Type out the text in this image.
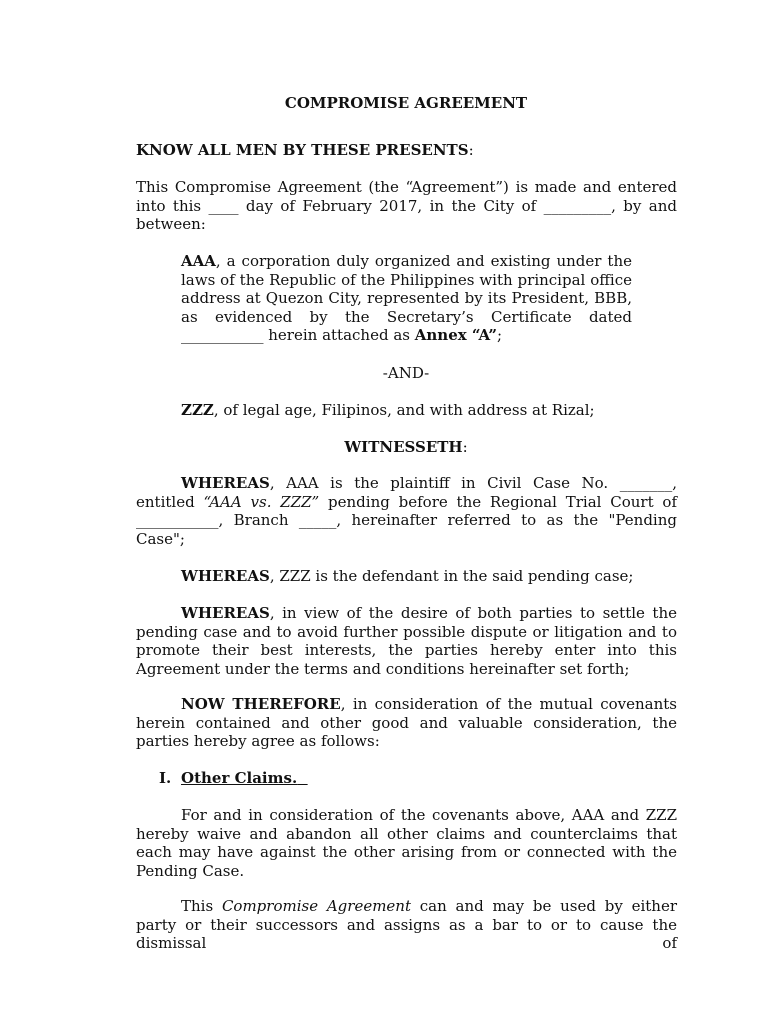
COMPROMISE AGREEMENT
KNOW ALL MEN BY THESE PRESENTS:
This Compromise Agreement (the “Agreement”) is made and entered into this ____ day of February 2017, in the City of _________, by and between:
AAA, a corporation duly organized and existing under the laws of the Republic of the Philippines with principal office address at Quezon City, represented by its President, BBB, as evidenced by the Secretary’s Certificate dated ___________ herein attached as Annex “A”;
-AND-
ZZZ, of legal age, Filipinos, and with address at Rizal;
WITNESSETH:
WHEREAS, AAA is the plaintiff in Civil Case No. _______, entitled “AAA vs. ZZZ” pending before the Regional Trial Court of ___________, Branch _____, hereinafter referred to as the "Pending Case";
WHEREAS, ZZZ is the defendant in the said pending case;
WHEREAS, in view of the desire of both parties to settle the pending case and to avoid further possible dispute or litigation and to promote their best interests, the parties hereby enter into this Agreement under the terms and conditions hereinafter set forth;
NOW THEREFORE, in consideration of the mutual covenants herein contained and other good and valuable consideration, the parties hereby agree as follows:
I. Other Claims.
For and in consideration of the covenants above, AAA and ZZZ hereby waive and abandon all other claims and counterclaims that each may have against the other arising from or connected with the Pending Case.
This Compromise Agreement can and may be used by either party or their successors and assigns as a bar to or to cause the dismissal of
